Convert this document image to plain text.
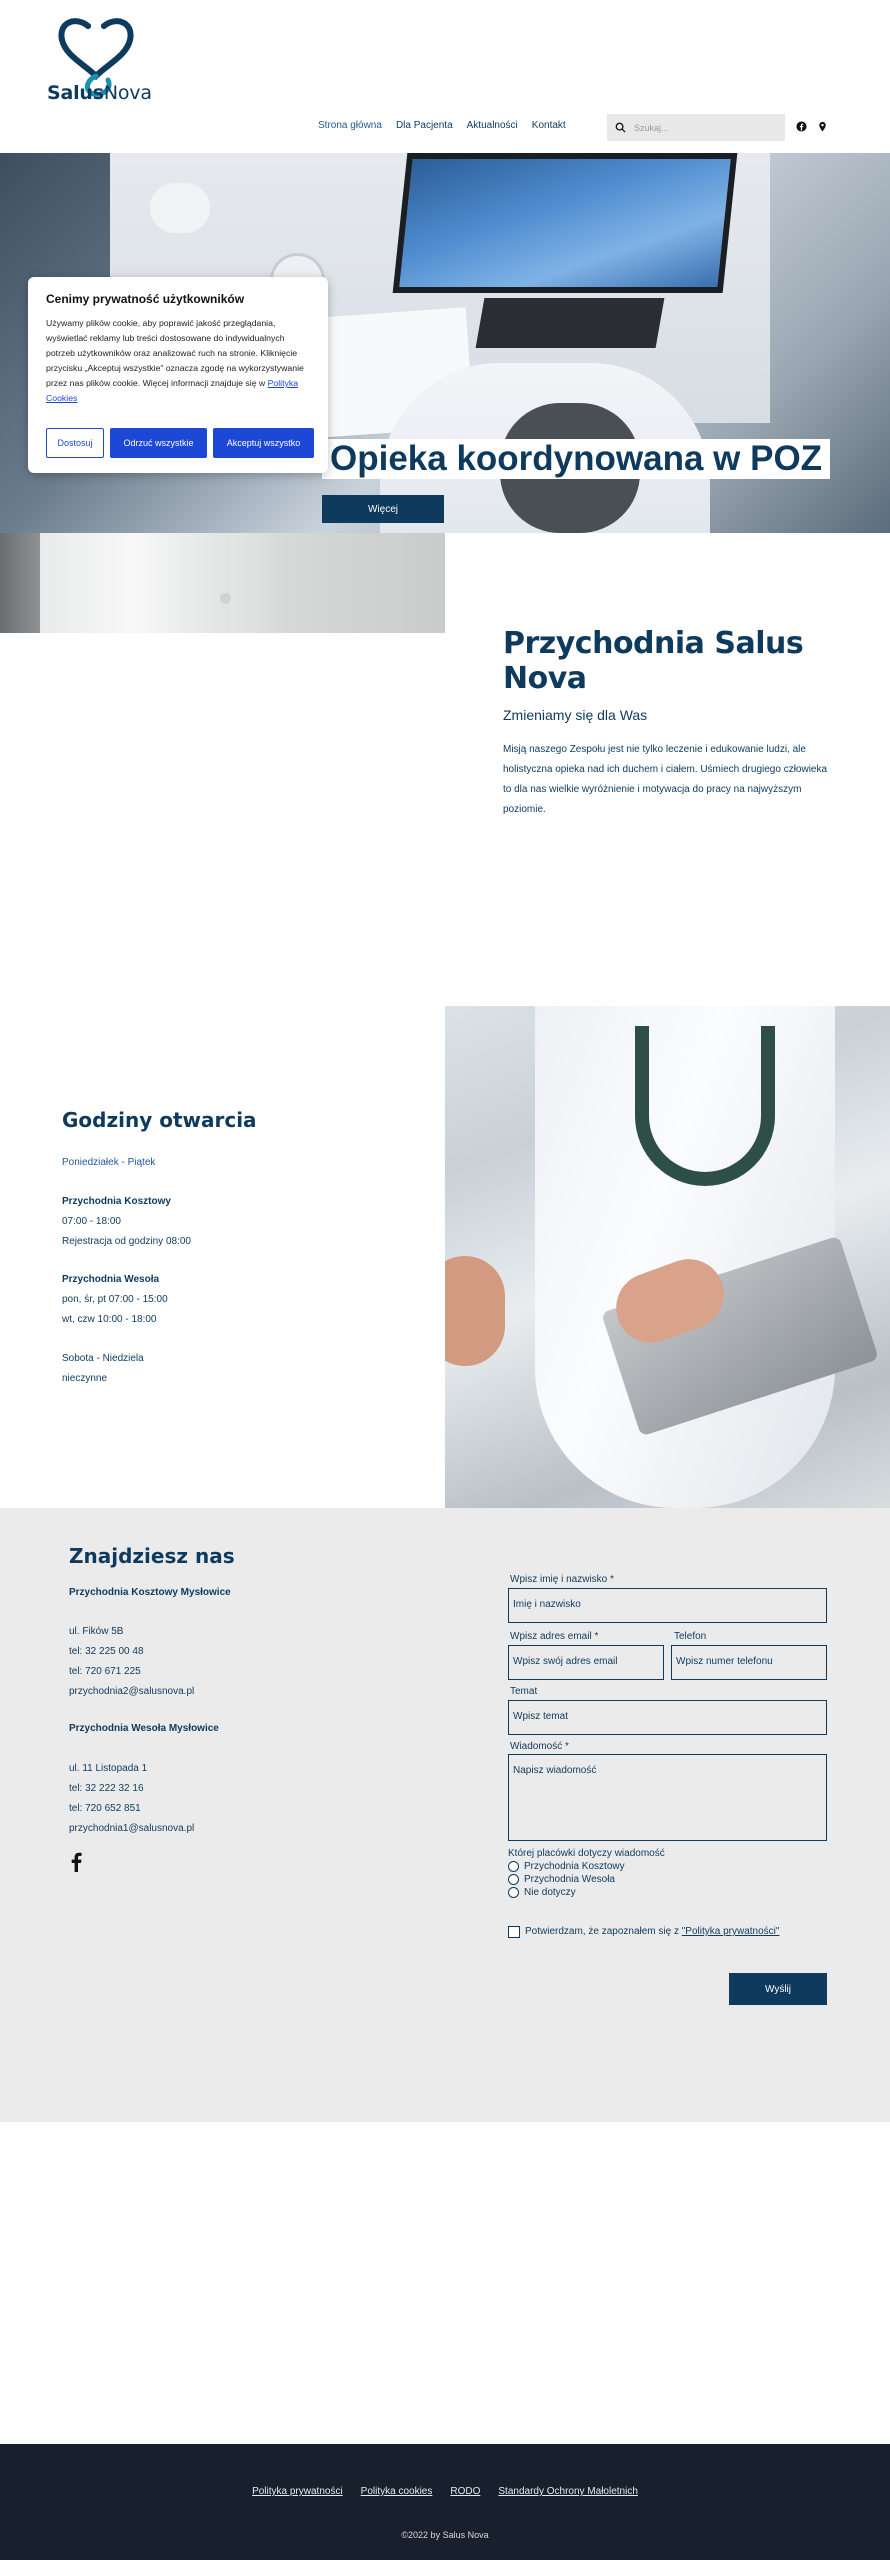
SalusNova
Strona główna Dla Pacjenta Aktualności Kontakt	Szukaj...
Opieka koordynowana w POZ
Więcej
Cenimy prywatność użytkowników

Używamy plików cookie, aby poprawić jakość przeglądania, wyświetlać reklamy lub treści dostosowane do indywidualnych potrzeb użytkowników oraz analizować ruch na stronie. Kliknięcie przycisku „Akceptuj wszystkie” oznacza zgodę na wykorzystywanie przez nas plików cookie. Więcej informacji znajduje się w Polityka Cookies

Dostosuj	Odrzuć wszystkie	Akceptuj wszystko
Przychodnia Salus Nova
Zmieniamy się dla Was
Misją naszego Zespołu jest nie tylko leczenie i edukowanie ludzi, ale holistyczna opieka nad ich duchem i ciałem. Uśmiech drugiego człowieka to dla nas wielkie wyróżnienie i motywacja do pracy na najwyższym poziomie.
Godziny otwarcia
Poniedziałek - Piątek
Przychodnia Kosztowy
07:00 - 18:00
Rejestracja od godziny 08:00
Przychodnia Wesoła
pon, śr, pt 07:00 - 15:00
wt, czw 10:00 - 18:00
Sobota - Niedziela
nieczynne
Znajdziesz nas
Przychodnia Kosztowy Mysłowice
ul. Fików 5B
tel: 32 225 00 48
tel: 720 671 225
przychodnia2@salusnova.pl
Przychodnia Wesoła Mysłowice
ul. 11 Listopada 1
tel: 32 222 32 16
tel: 720 652 851
przychodnia1@salusnova.pl
Wpisz imię i nazwisko *
Imię i nazwisko
Wpisz adres email *
Wpisz swój adres email
Telefon
Wpisz numer telefonu
Temat
Wpisz temat
Wiadomość *
Napisz wiadomość
Której placówki dotyczy wiadomość
Przychodnia Kosztowy
Przychodnia Wesoła
Nie dotyczy
Potwierdzam, że zapoznałem się z "Polityka prywatności"
Wyślij
Polityka prywatności Polityka cookies RODO Standardy Ochrony Małoletnich
©2022 by Salus Nova
